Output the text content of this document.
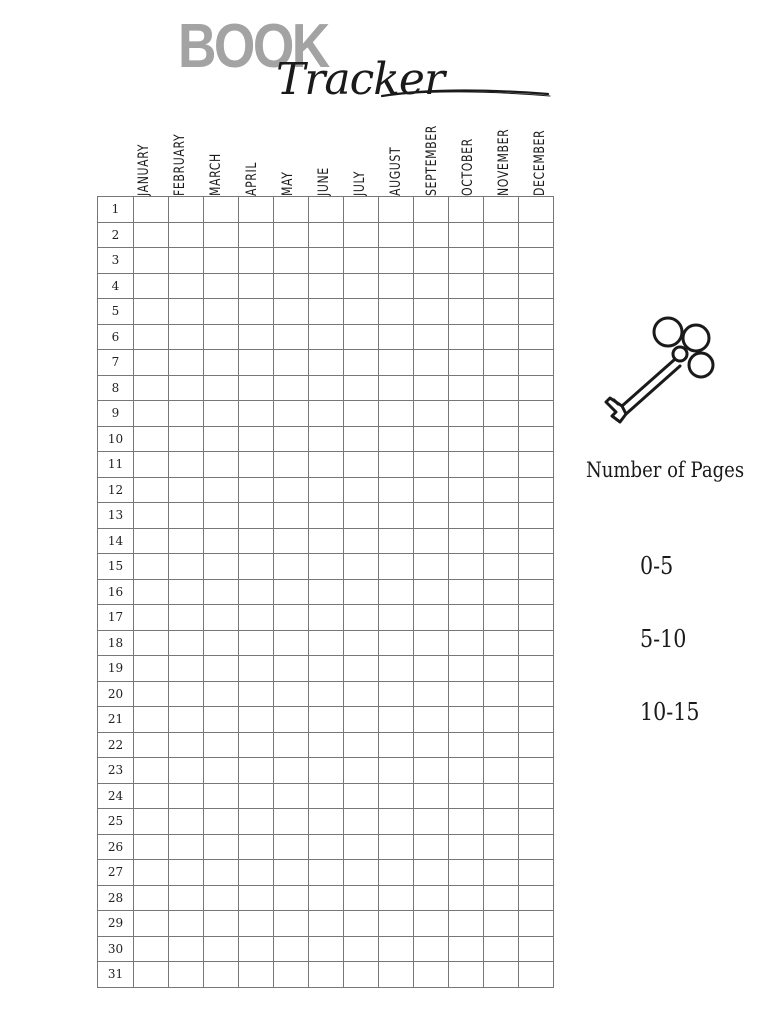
BOOK
Tracker
JANUARY FEBRUARY MARCH APRIL MAY JUNE JULY AUGUST SEPTEMBER OCTOBER NOVEMBER DECEMBER
1												
2												
3												
4												
5												
6												
7												
8												
9												
10												
11												
12												
13												
14												
15												
16												
17												
18												
19												
20												
21												
22												
23												
24												
25												
26												
27												
28												
29												
30												
31												
Number of Pages
0-5
5-10
10-15
